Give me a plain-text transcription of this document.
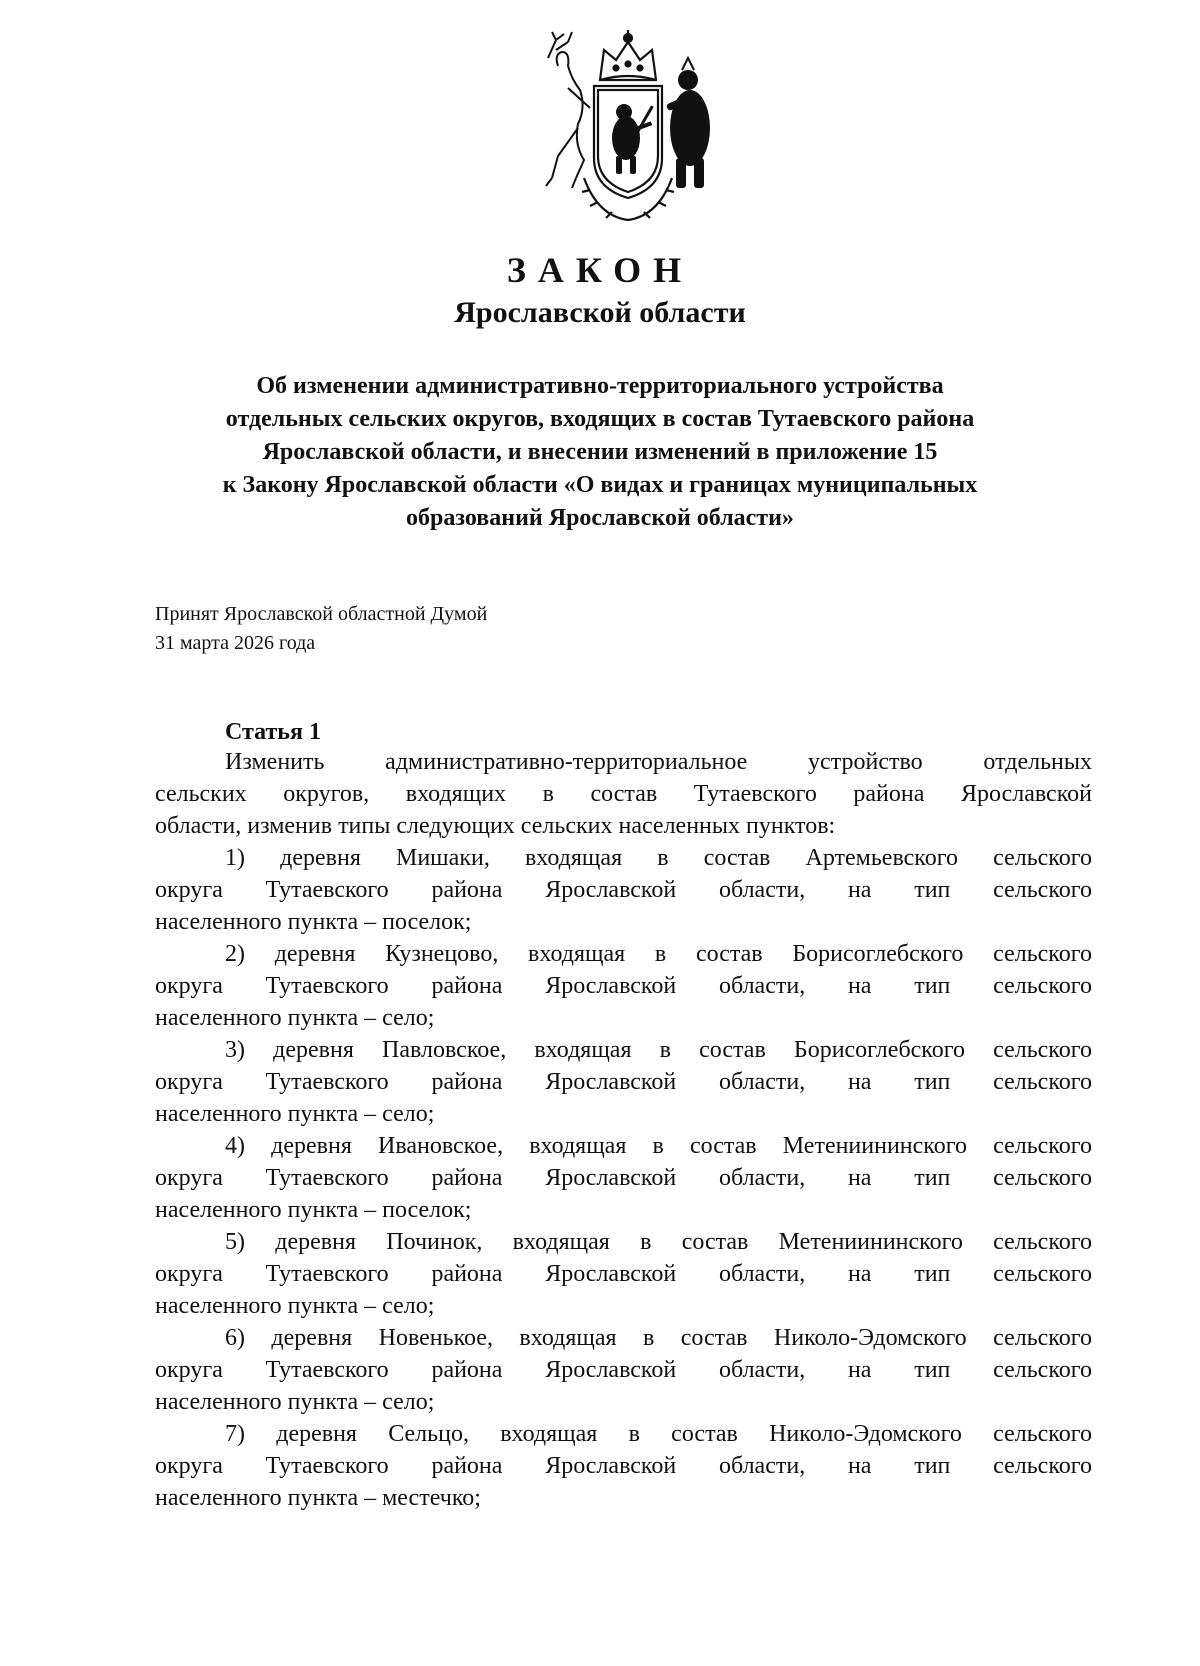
ЗАКОН
Ярославской области
Об изменении административно-территориального устройства
отдельных сельских округов, входящих в состав Тутаевского района
Ярославской области, и внесении изменений в приложение 15
к Закону Ярославской области «О видах и границах муниципальных
образований Ярославской области»
Принят Ярославской областной Думой
31 марта 2026 года
Статья 1
Изменить административно-территориальное устройство отдельных
сельских округов, входящих в состав Тутаевского района Ярославской
области, изменив типы следующих сельских населенных пунктов:
1) деревня Мишаки, входящая в состав Артемьевского сельского
округа Тутаевского района Ярославской области, на тип сельского
населенного пункта – поселок;
2) деревня Кузнецово, входящая в состав Борисоглебского сельского
округа Тутаевского района Ярославской области, на тип сельского
населенного пункта – село;
3) деревня Павловское, входящая в состав Борисоглебского сельского
округа Тутаевского района Ярославской области, на тип сельского
населенного пункта – село;
4) деревня Ивановское, входящая в состав Метениининского сельского
округа Тутаевского района Ярославской области, на тип сельского
населенного пункта – поселок;
5) деревня Починок, входящая в состав Метениининского сельского
округа Тутаевского района Ярославской области, на тип сельского
населенного пункта – село;
6) деревня Новенькое, входящая в состав Николо-Эдомского сельского
округа Тутаевского района Ярославской области, на тип сельского
населенного пункта – село;
7) деревня Сельцо, входящая в состав Николо-Эдомского сельского
округа Тутаевского района Ярославской области, на тип сельского
населенного пункта – местечко;
